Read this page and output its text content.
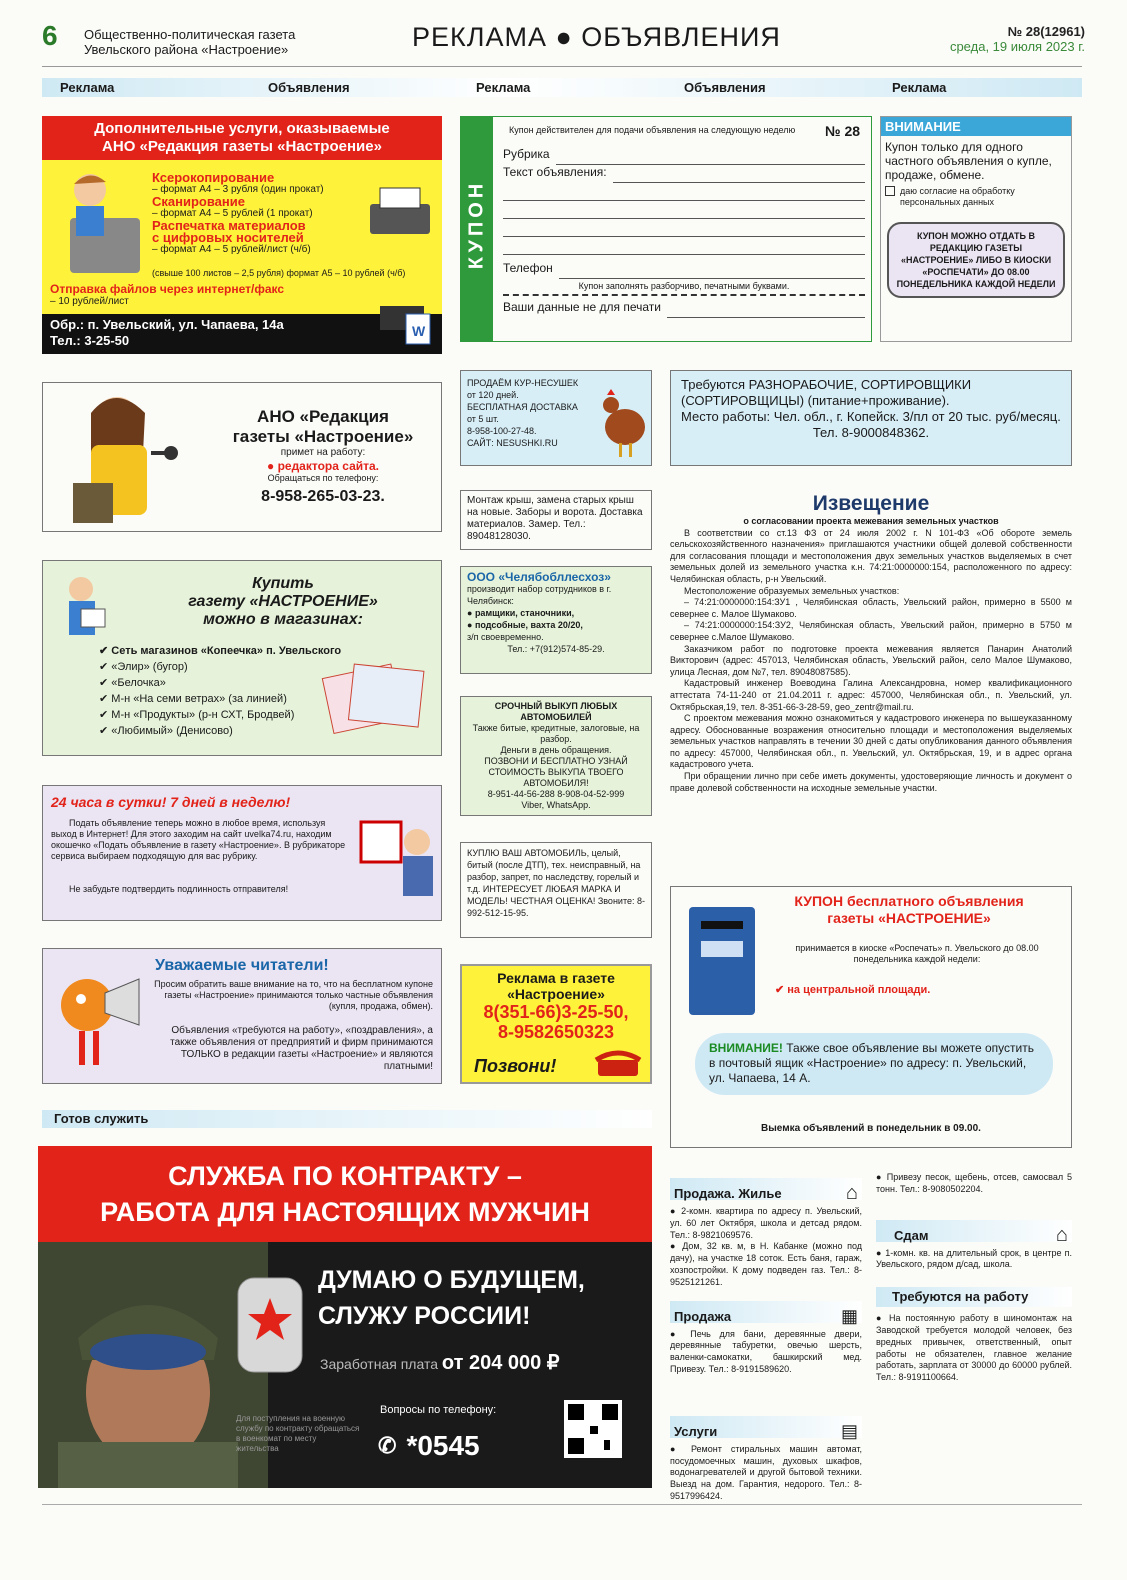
6 Общественно-политическая газета Увельского района «Настроение»	РЕКЛАМА ● ОБЪЯВЛЕНИЯ	№ 28(12961)
среда, 19 июля 2023 г.
Реклама	Объявления	Реклама	Объявления	Реклама
Дополнительные услуги, оказываемые
АНО «Редакция газеты «Настроение»
Ксерокопирование
– формат А4 – 3 рубля (один прокат)
Сканирование
– формат А4 – 5 рублей (1 прокат)
Распечатка материалов
с цифровых носителей
– формат А4 – 5 рублей/лист (ч/б)
(свыше 100 листов – 2,5 рубля) формат А5 – 10 рублей (ч/б)
Отправка файлов через интернет/факс
– 10 рублей/лист
Обр.: п. Увельский, ул. Чапаева, 14а
Тел.: 3-25-50
W
АНО «Редакция
газеты «Настроение»
примет на работу:
● редактора сайта.
Обращаться по телефону:
8-958-265-03-23.
Купить
газету «НАСТРОЕНИЕ»
можно в магазинах:
✔ Сеть магазинов «Копеечка» п. Увельского
✔ «Элир» (бугор)
✔ «Белочка»
✔ М-н «На семи ветрах» (за линией)
✔ М-н «Продукты» (р-н СХТ, Бродвей)
✔ «Любимый» (Денисово)
24 часа в сутки! 7 дней в неделю!
Подать объявление теперь можно в любое время, используя выход в Интернет! Для этого заходим на сайт uvelka74.ru, находим окошечко «Подать объявление в газету «Настроение». В рубрикаторе сервиса выбираем подходящую для вас рубрику.
Не забудьте подтвердить подлинность отправителя!
Уважаемые читатели!
Просим обратить ваше внимание на то, что на бесплатном купоне газеты «Настроение» принимаются только частные объявления (купля, продажа, обмен).
Объявления «требуются на работу», «поздравления», а также объявления от предприятий и фирм принимаются ТОЛЬКО в редакции газеты «Настроение» и являются платными!
КУПОН
Купон действителен для подачи объявления на следующую неделю № 28
Рубрика
Текст объявления:
Телефон
Купон заполнять разборчиво, печатными буквами.
Ваши данные не для печати
ВНИМАНИЕ
Купон только для одного частного объявления о купле, продаже, обмене.
даю согласие на обработку персональных данных
КУПОН МОЖНО ОТДАТЬ В РЕДАКЦИЮ ГАЗЕТЫ «НАСТРОЕНИЕ» ЛИБО В КИОСКИ «РОСПЕЧАТИ» ДО 08.00 ПОНЕДЕЛЬНИКА КАЖДОЙ НЕДЕЛИ
ПРОДАЁМ КУР-НЕСУШЕК
от 120 дней.
БЕСПЛАТНАЯ ДОСТАВКА
от 5 шт.
8-958-100-27-48.
САЙТ: NESUSHKI.RU
Монтаж крыш, замена старых крыш на новые. Заборы и ворота. Доставка материалов. Замер. Тел.: 89048128030.
ООО «Челябобллесхоз»
производит набор сотрудников в г. Челябинск:
● рамщики, станочники,
● подсобные, вахта 20/20,
з/п своевременно.
Тел.: +7(912)574-85-29.
СРОЧНЫЙ ВЫКУП ЛЮБЫХ АВТОМОБИЛЕЙ
Также битые, кредитные, залоговые, на разбор.
Деньги в день обращения.
ПОЗВОНИ И БЕСПЛАТНО УЗНАЙ СТОИМОСТЬ ВЫКУПА ТВОЕГО АВТОМОБИЛЯ!
8-951-44-56-288 8-908-04-52-999
Viber, WhatsApp.
КУПЛЮ ВАШ АВТОМОБИЛЬ, целый, битый (после ДТП), тех. неисправный, на разбор, запрет, по наследству, горелый и т.д. ИНТЕРЕСУЕТ ЛЮБАЯ МАРКА И МОДЕЛЬ! ЧЕСТНАЯ ОЦЕНКА! Звоните: 8-992-512-15-95.
Реклама в газете
«Настроение»
8(351-66)3-25-50,
8-9582650323
Позвони!
Требуются РАЗНОРАБОЧИЕ, СОРТИРОВЩИКИ (СОРТИРОВЩИЦЫ) (питание+проживание).
Место работы: Чел. обл., г. Копейск. 3/пл от 20 тыс. руб/месяц.
Тел. 8-9000848362.
Извещение
о согласовании проекта межевания земельных участков
В соответствии со ст.13 ФЗ от 24 июля 2002 г. N 101-ФЗ «Об обороте земель сельскохозяйственного назначения» приглашаются участники общей долевой собственности для согласования площади и местоположения двух земельных участков выделяемых в счет земельных долей из земельного участка к.н. 74:21:0000000:154, расположенного по адресу: Челябинская область, р-н Увельский.
Местоположение образуемых земельных участков:
– 74:21:0000000:154:ЗУ1 , Челябинская область, Увельский район, примерно в 5500 м севернее с. Малое Шумаково.
– 74:21:0000000:154:ЗУ2, Челябинская область, Увельский район, примерно в 5750 м севернее с.Малое Шумаково.
Заказчиком работ по подготовке проекта межевания является Панарин Анатолий Викторович (адрес: 457013, Челябинская область, Увельский район, село Малое Шумаково, улица Лесная, дом №7, тел. 89048087585).
Кадастровый инженер Воеводина Галина Александровна, номер квалификационного аттестата 74-11-240 от 21.04.2011 г. адрес: 457000, Челябинская обл., п. Увельский, ул. Октябрьская,19, тел. 8-351-66-3-28-59, geo_zentr@mail.ru.
С проектом межевания можно ознакомиться у кадастрового инженера по вышеуказанному адресу. Обоснованные возражения относительно площади и местоположения выделяемых земельных участков направлять в течении 30 дней с даты опубликования данного объявления по адресу: 457000, Челябинская обл., п. Увельский, ул. Октябрьская, 19, и в адрес органа кадастрового учета.
При обращении лично при себе иметь документы, удостоверяющие личность и документ о праве долевой собственности на исходные земельные участки.
КУПОН бесплатного объявления
газеты «НАСТРОЕНИЕ»
принимается в киоске «Роспечать» п. Увельского до 08.00 понедельника каждой недели:
✔ на центральной площади.
ВНИМАНИЕ! Также свое объявление вы можете опустить в почтовый ящик «Настроение» по адресу: п. Увельский, ул. Чапаева, 14 А.
Выемка объявлений в понедельник в 09.00.
Готов служить
СЛУЖБА ПО КОНТРАКТУ –
РАБОТА ДЛЯ НАСТОЯЩИХ МУЖЧИН
ДУМАЮ О БУДУЩЕМ,
СЛУЖУ РОССИИ!
Заработная плата от 204 000 ₽
Вопросы по телефону:
✆ *0545
Для поступления на военную службу по контракту обращаться в военкомат по месту жительства
Продажа. Жилье	⌂
● 2-комн. квартира по адресу п. Увельский, ул. 60 лет Октября, школа и детсад рядом. Тел.: 8-9821069576.
● Дом, 32 кв. м, в Н. Кабанке (можно под дачу), на участке 18 соток. Есть баня, гараж, хозпостройки. К дому подведен газ. Тел.: 8-9525121261.
Продажа	▦
● Печь для бани, деревянные двери, деревянные табуретки, овечью шерсть, валенки-самокатки, башкирский мед. Привезу. Тел.: 8-9191589620.
Услуги	▤
● Ремонт стиральных машин автомат, посудомоечных машин, духовых шкафов, водонагревателей и другой бытовой техники. Выезд на дом. Гарантия, недорого. Тел.: 8-9517996424.
● Привезу песок, щебень, отсев, самосвал 5 тонн. Тел.: 8-9080502204.
Сдам	⌂
● 1-комн. кв. на длительный срок, в центре п. Увельского, рядом д/сад, школа.
Требуются на работу
● На постоянную работу в шиномонтаж на Заводской требуется молодой человек, без вредных привычек, ответственный, опыт работы не обязателен, главное желание работать, зарплата от 30000 до 60000 рублей. Тел.: 8-9191100664.
